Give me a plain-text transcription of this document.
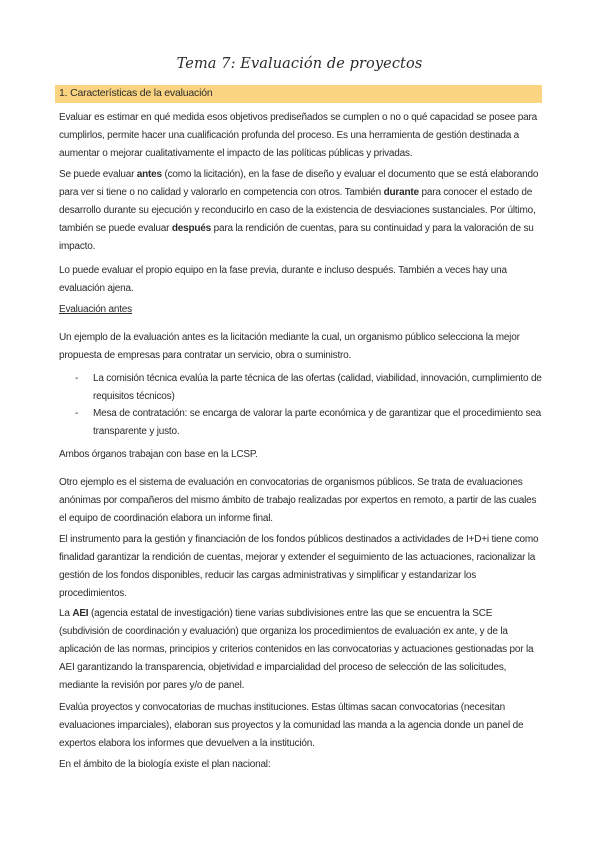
Tema 7: Evaluación de proyectos
1. Características de la evaluación

Evaluar es estimar en qué medida esos objetivos prediseñados se cumplen o no o qué capacidad se posee para cumplirlos, permite hacer una cualificación profunda del proceso. Es una herramienta de gestión destinada a aumentar o mejorar cualitativamente el impacto de las políticas públicas y privadas.

Se puede evaluar antes (como la licitación), en la fase de diseño y evaluar el documento que se está elaborando para ver si tiene o no calidad y valorarlo en competencia con otros. También durante para conocer el estado de desarrollo durante su ejecución y reconducirlo en caso de la existencia de desviaciones sustanciales. Por último, también se puede evaluar después para la rendición de cuentas, para su continuidad y para la valoración de su impacto.

Lo puede evaluar el propio equipo en la fase previa, durante e incluso después. También a veces hay una evaluación ajena.

Evaluación antes

Un ejemplo de la evaluación antes es la licitación mediante la cual, un organismo público selecciona la mejor propuesta de empresas para contratar un servicio, obra o suministro.

- La comisión técnica evalúa la parte técnica de las ofertas (calidad, viabilidad, innovación, cumplimiento de requisitos técnicos)

- Mesa de contratación: se encarga de valorar la parte económica y de garantizar que el procedimiento sea transparente y justo.

Ambos órganos trabajan con base en la LCSP.

Otro ejemplo es el sistema de evaluación en convocatorias de organismos públicos. Se trata de evaluaciones anónimas por compañeros del mismo ámbito de trabajo realizadas por expertos en remoto, a partir de las cuales el equipo de coordinación elabora un informe final.

El instrumento para la gestión y financiación de los fondos públicos destinados a actividades de I+D+i tiene como finalidad garantizar la rendición de cuentas, mejorar y extender el seguimiento de las actuaciones, racionalizar la gestión de los fondos disponibles, reducir las cargas administrativas y simplificar y estandarizar los procedimientos.

La AEI (agencia estatal de investigación) tiene varias subdivisiones entre las que se encuentra la SCE (subdivisión de coordinación y evaluación) que organiza los procedimientos de evaluación ex ante, y de la aplicación de las normas, principios y criterios contenidos en las convocatorias y actuaciones gestionadas por la AEI garantizando la transparencia, objetividad e imparcialidad del proceso de selección de las solicitudes, mediante la revisión por pares y/o de panel.

Evalúa proyectos y convocatorias de muchas instituciones. Estas últimas sacan convocatorias (necesitan evaluaciones imparciales), elaboran sus proyectos y la comunidad las manda a la agencia donde un panel de expertos elabora los informes que devuelven a la institución.

En el ámbito de la biología existe el plan nacional:
